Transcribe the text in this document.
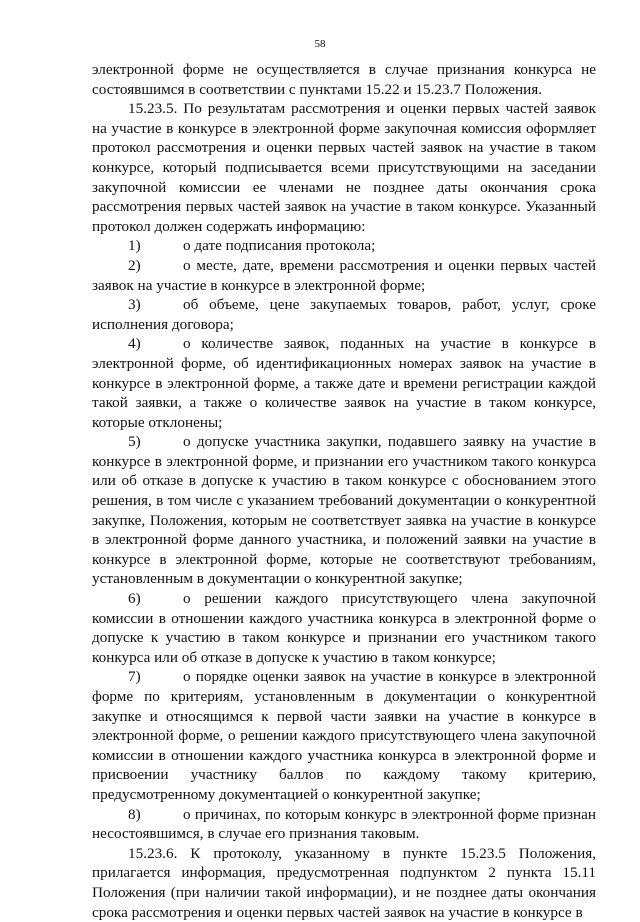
58

электронной форме не осуществляется в случае признания конкурса не состоявшимся в соответствии с пунктами 15.22 и 15.23.7 Положения.

15.23.5. По результатам рассмотрения и оценки первых частей заявок на участие в конкурсе в электронной форме закупочная комиссия оформляет протокол рассмотрения и оценки первых частей заявок на участие в таком конкурсе, который подписывается всеми присутствующими на заседании закупочной комиссии ее членами не позднее даты окончания срока рассмотрения первых частей заявок на участие в таком конкурсе. Указанный протокол должен содержать информацию:

1)	о дате подписания протокола;

2)	о месте, дате, времени рассмотрения и оценки первых частей заявок на участие в конкурсе в электронной форме;

3)	об объеме, цене закупаемых товаров, работ, услуг, сроке исполнения договора;

4)	о количестве заявок, поданных на участие в конкурсе в электронной форме, об идентификационных номерах заявок на участие в конкурсе в электронной форме, а также дате и времени регистрации каждой такой заявки, а также о количестве заявок на участие в таком конкурсе, которые отклонены;

5)	о допуске участника закупки, подавшего заявку на участие в конкурсе в электронной форме, и признании его участником такого конкурса или об отказе в допуске к участию в таком конкурсе с обоснованием этого решения, в том числе с указанием требований документации о конкурентной закупке, Положения, которым не соответствует заявка на участие в конкурсе в электронной форме данного участника, и положений заявки на участие в конкурсе в электронной форме, которые не соответствуют требованиям, установленным в документации о конкурентной закупке;

6)	о решении каждого присутствующего члена закупочной комиссии в отношении каждого участника конкурса в электронной форме о допуске к участию в таком конкурсе и признании его участником такого конкурса или об отказе в допуске к участию в таком конкурсе;

7)	о порядке оценки заявок на участие в конкурсе в электронной форме по критериям, установленным в документации о конкурентной закупке и относящимся к первой части заявки на участие в конкурсе в электронной форме, о решении каждого присутствующего члена закупочной комиссии в отношении каждого участника конкурса в электронной форме и присвоении участнику баллов по каждому такому критерию, предусмотренному документацией о конкурентной закупке;

8)	о причинах, по которым конкурс в электронной форме признан несостоявшимся, в случае его признания таковым.

15.23.6. К протоколу, указанному в пункте 15.23.5 Положения, прилагается информация, предусмотренная подпунктом 2 пункта 15.11 Положения (при наличии такой информации), и не позднее даты окончания срока рассмотрения и оценки первых частей заявок на участие в конкурсе в
